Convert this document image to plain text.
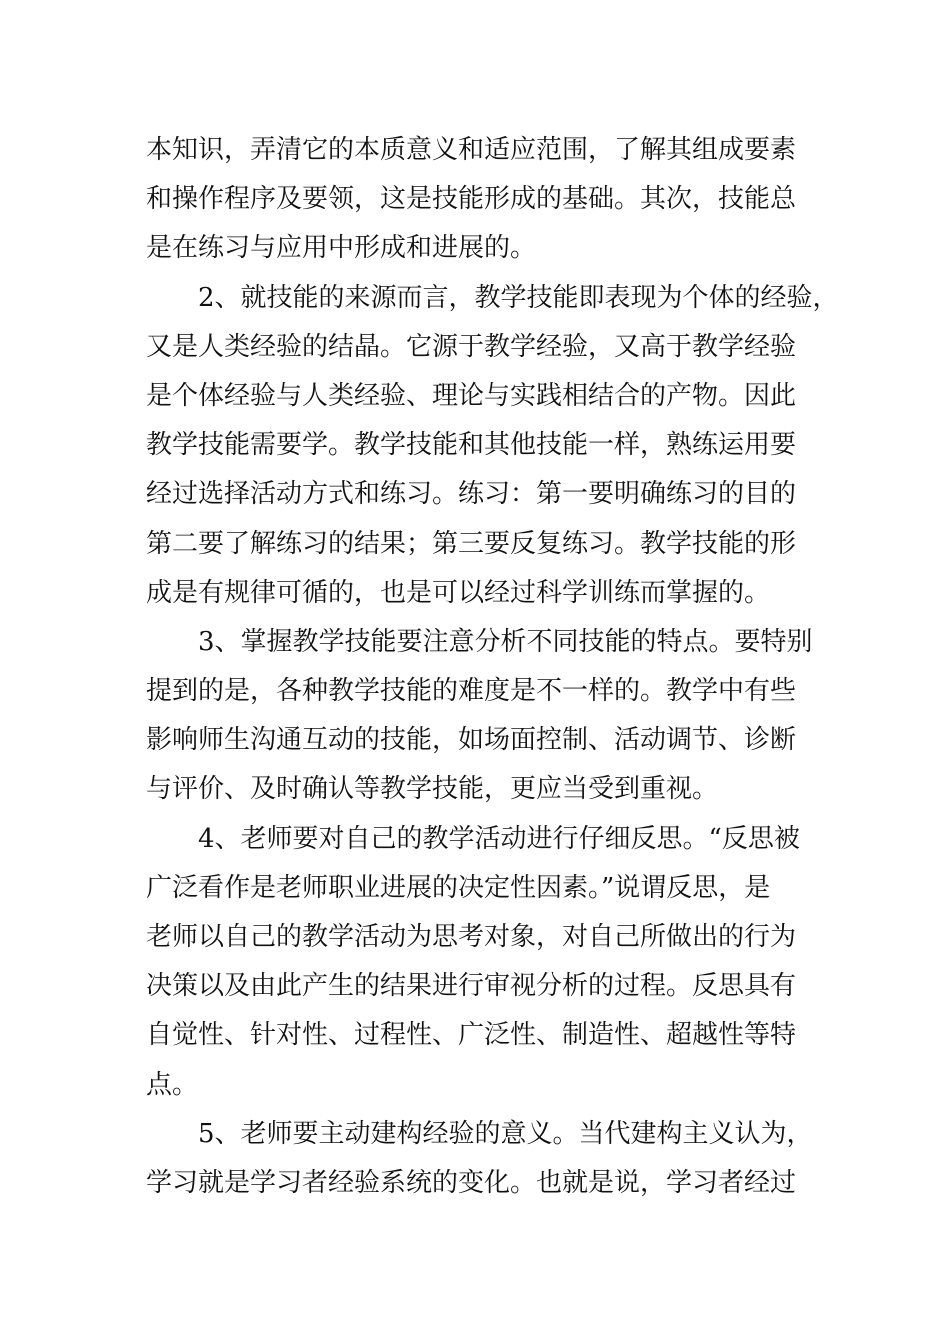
本知识，弄清它的本质意义和适应范围，了解其组成要素
和操作程序及要领，这是技能形成的基础。其次，技能总
是在练习与应用中形成和进展的。
2、就技能的来源而言，教学技能即表现为个体的经验，
又是人类经验的结晶。它源于教学经验，又高于教学经验
是个体经验与人类经验、理论与实践相结合的产物。因此
教学技能需要学。教学技能和其他技能一样，熟练运用要
经过选择活动方式和练习。练习：第一要明确练习的目的
第二要了解练习的结果；第三要反复练习。教学技能的形
成是有规律可循的，也是可以经过科学训练而掌握的。
3、掌握教学技能要注意分析不同技能的特点。要特别
提到的是，各种教学技能的难度是不一样的。教学中有些
影响师生沟通互动的技能，如场面控制、活动调节、诊断
与评价、及时确认等教学技能，更应当受到重视。
4、老师要对自己的教学活动进行仔细反思。“反思被
广泛看作是老师职业进展的决定性因素。”说谓反思，是
老师以自己的教学活动为思考对象，对自己所做出的行为
决策以及由此产生的结果进行审视分析的过程。反思具有
自觉性、针对性、过程性、广泛性、制造性、超越性等特
点。
5、老师要主动建构经验的意义。当代建构主义认为，
学习就是学习者经验系统的变化。也就是说，学习者经过
